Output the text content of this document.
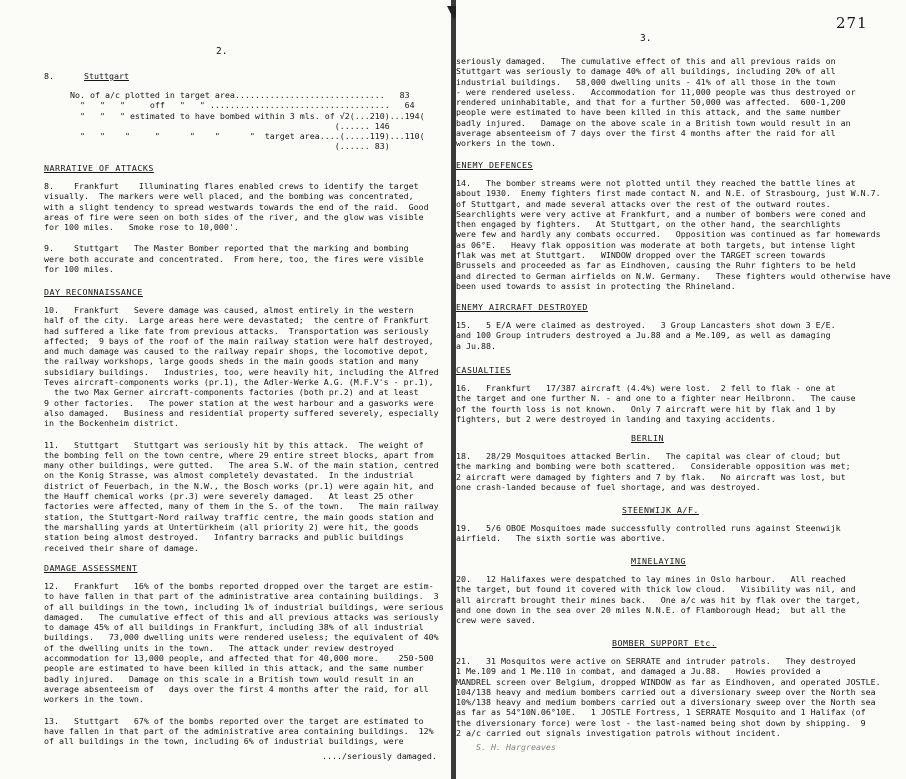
2.
8.	Stuttgart
No. of a/c plotted in target area..............................   83
"   "   "     off   "   " ....................................   64
"   "   " estimated to have bombed within 3 mls. of √2(...210)...194(
(...... 146
"   "    "     "      "    "      "  target area....(.....119)...110(
(...... 83)
NARRATIVE OF ATTACKS
8.    Frankfurt    Illuminating flares enabled crews to identify the target
visually.  The markers were well placed, and the bombing was concentrated,
with a slight tendency to spread westwards towards the end of the raid.  Good
areas of fire were seen on both sides of the river, and the glow was visible
for 100 miles.   Smoke rose to 10,000'.
9.    Stuttgart   The Master Bomber reported that the marking and bombing
were both accurate and concentrated.  From here, too, the fires were visible
for 100 miles.
DAY RECONNAISSANCE
10.   Frankfurt   Severe damage was caused, almost entirely in the western
half of the city.  Large areas here were devastated;  the centre of Frankfurt
had suffered a like fate from previous attacks.  Transportation was seriously
affected;  9 bays of the roof of the main railway station were half destroyed,
and much damage was caused to the railway repair shops, the locomotive depot,
the railway workshops, large goods sheds in the main goods station and many
subsidiary buildings.   Industries, too, were heavily hit, including the Alfred
Teves aircraft-components works (pr.1), the Adler-Werke A.G. (M.F.V's - pr.1),
the two Max Gerner aircraft-components factories (both pr.2) and at least
9 other factories.   The power station at the west harbour and a gasworks were
also damaged.   Business and residential property suffered severely, especially
in the Bockenheim district.
11.   Stuttgart   Stuttgart was seriously hit by this attack.  The weight of
the bombing fell on the town centre, where 29 entire street blocks, apart from
many other buildings, were gutted.   The area S.W. of the main station, centred
on the Konig Strasse, was almost completely devastated.  In the industrial
district of Feuerbach, in the N.W., the Bosch works (pr.1) were again hit, and
the Hauff chemical works (pr.3) were severely damaged.   At least 25 other
factories were affected, many of them in the S. of the town.   The main railway
station, the Stuttgart-Nord railway traffic centre, the main goods station and
the marshalling yards at Untertürkheim (all priority 2) were hit, the goods
station being almost destroyed.   Infantry barracks and public buildings
received their share of damage.
DAMAGE ASSESSMENT
12.   Frankfurt   16% of the bombs reported dropped over the target are estim-
to have fallen in that part of the administrative area containing buildings.  3
of all buildings in the town, including 1% of industrial buildings, were serious
damaged.   The cumulative effect of this and all previous attacks was seriously
to damage 45% of all buildings in Frankfurt, including 38% of all industrial
buildings.   73,000 dwelling units were rendered useless; the equivalent of 40%
of the dwelling units in the town.   The attack under review destroyed
accommodation for 13,000 people, and affected that for 40,000 more.    250-500
people are estimated to have been killed in this attack, and the same number
badly injured.   Damage on this scale in a British town would result in an
average absenteeism of   days over the first 4 months after the raid, for all
workers in the town.
13.   Stuttgart   67% of the bombs reported over the target are estimated to
have fallen in that part of the administrative area containing buildings.  12%
of all buildings in the town, including 6% of industrial buildings, were
..../seriously damaged.
3.
271
seriously damaged.   The cumulative effect of this and all previous raids on
Stuttgart was seriously to damage 40% of all buildings, including 20% of all
industrial buildings.   58,000 dwelling units - 41% of all those in the town
- were rendered useless.   Accommodation for 11,000 people was thus destroyed or
rendered uninhabitable, and that for a further 50,000 was affected.  600-1,200
people were estimated to have been killed in this attack, and the same number
badly injured.   Damage on the above scale in a British town would result in an
average absenteeism of 7 days over the first 4 months after the raid for all
workers in the town.
ENEMY DEFENCES
14.   The bomber streams were not plotted until they reached the battle lines at
about 1930.  Enemy fighters first made contact N. and N.E. of Strasbourg, just W.N.7.
of Stuttgart, and made several attacks over the rest of the outward routes.
Searchlights were very active at Frankfurt, and a number of bombers were coned and
then engaged by fighters.   At Stuttgart, on the other hand, the searchlights
were few and hardly any combats occurred.   Opposition was continued as far homewards
as 06°E.   Heavy flak opposition was moderate at both targets, but intense light
flak was met at Stuttgart.   WINDOW dropped over the TARGET screen towards
Brussels and proceeded as far as Eindhoven, causing the Ruhr fighters to be held
and directed to German airfields on N.W. Germany.   These fighters would otherwise have
been used towards to assist in protecting the Rhineland.
ENEMY AIRCRAFT DESTROYED
15.   5 E/A were claimed as destroyed.   3 Group Lancasters shot down 3 E/E.
and 100 Group intruders destroyed a Ju.88 and a Me.109, as well as damaging
a Ju.88.
CASUALTIES
16.   Frankfurt   17/387 aircraft (4.4%) were lost.  2 fell to flak - one at
the target and one further N. - and one to a fighter near Heilbronn.   The cause
of the fourth loss is not known.   Only 7 aircraft were hit by flak and 1 by
fighters, but 2 were destroyed in landing and taxying accidents.
BERLIN
18.   28/29 Mosquitoes attacked Berlin.   The capital was clear of cloud; but
the marking and bombing were both scattered.   Considerable opposition was met;
2 aircraft were damaged by fighters and 7 by flak.   No aircraft was lost, but
one crash-landed because of fuel shortage, and was destroyed.
STEENWIJK A/F.
19.   5/6 OBOE Mosquitoes made successfully controlled runs against Steenwijk
airfield.   The sixth sortie was abortive.
MINELAYING
20.   12 Halifaxes were despatched to lay mines in Oslo harbour.   All reached
the target, but found it covered with thick low cloud.   Visibility was nil, and
all aircraft brought their mines back.   One a/c was hit by flak over the target,
and one down in the sea over 20 miles N.N.E. of Flamborough Head;  but all the
crew were saved.
BOMBER SUPPORT Etc.
21.   31 Mosquitos were active on SERRATE and intruder patrols.   They destroyed
1 Me.109 and 1 Me.110 in combat, and damaged a Ju.88.   Howies provided a
MANDREL screen over Belgium, dropped WINDOW as far as Eindhoven, and operated JOSTLE.
104/138 heavy and medium bombers carried out a diversionary sweep over the North sea
10%/138 heavy and medium bombers carried out a diversionary sweep over the North sea
as far as 54°10N.06°10E.   1 JOSTLE Fortress, 1 SERRATE Mosquito and 1 Halifax (of
the diversionary force) were lost - the last-named being shot down by shipping.  9
2 a/c carried out signals investigation patrols without incident.
S. H. Hargreaves
